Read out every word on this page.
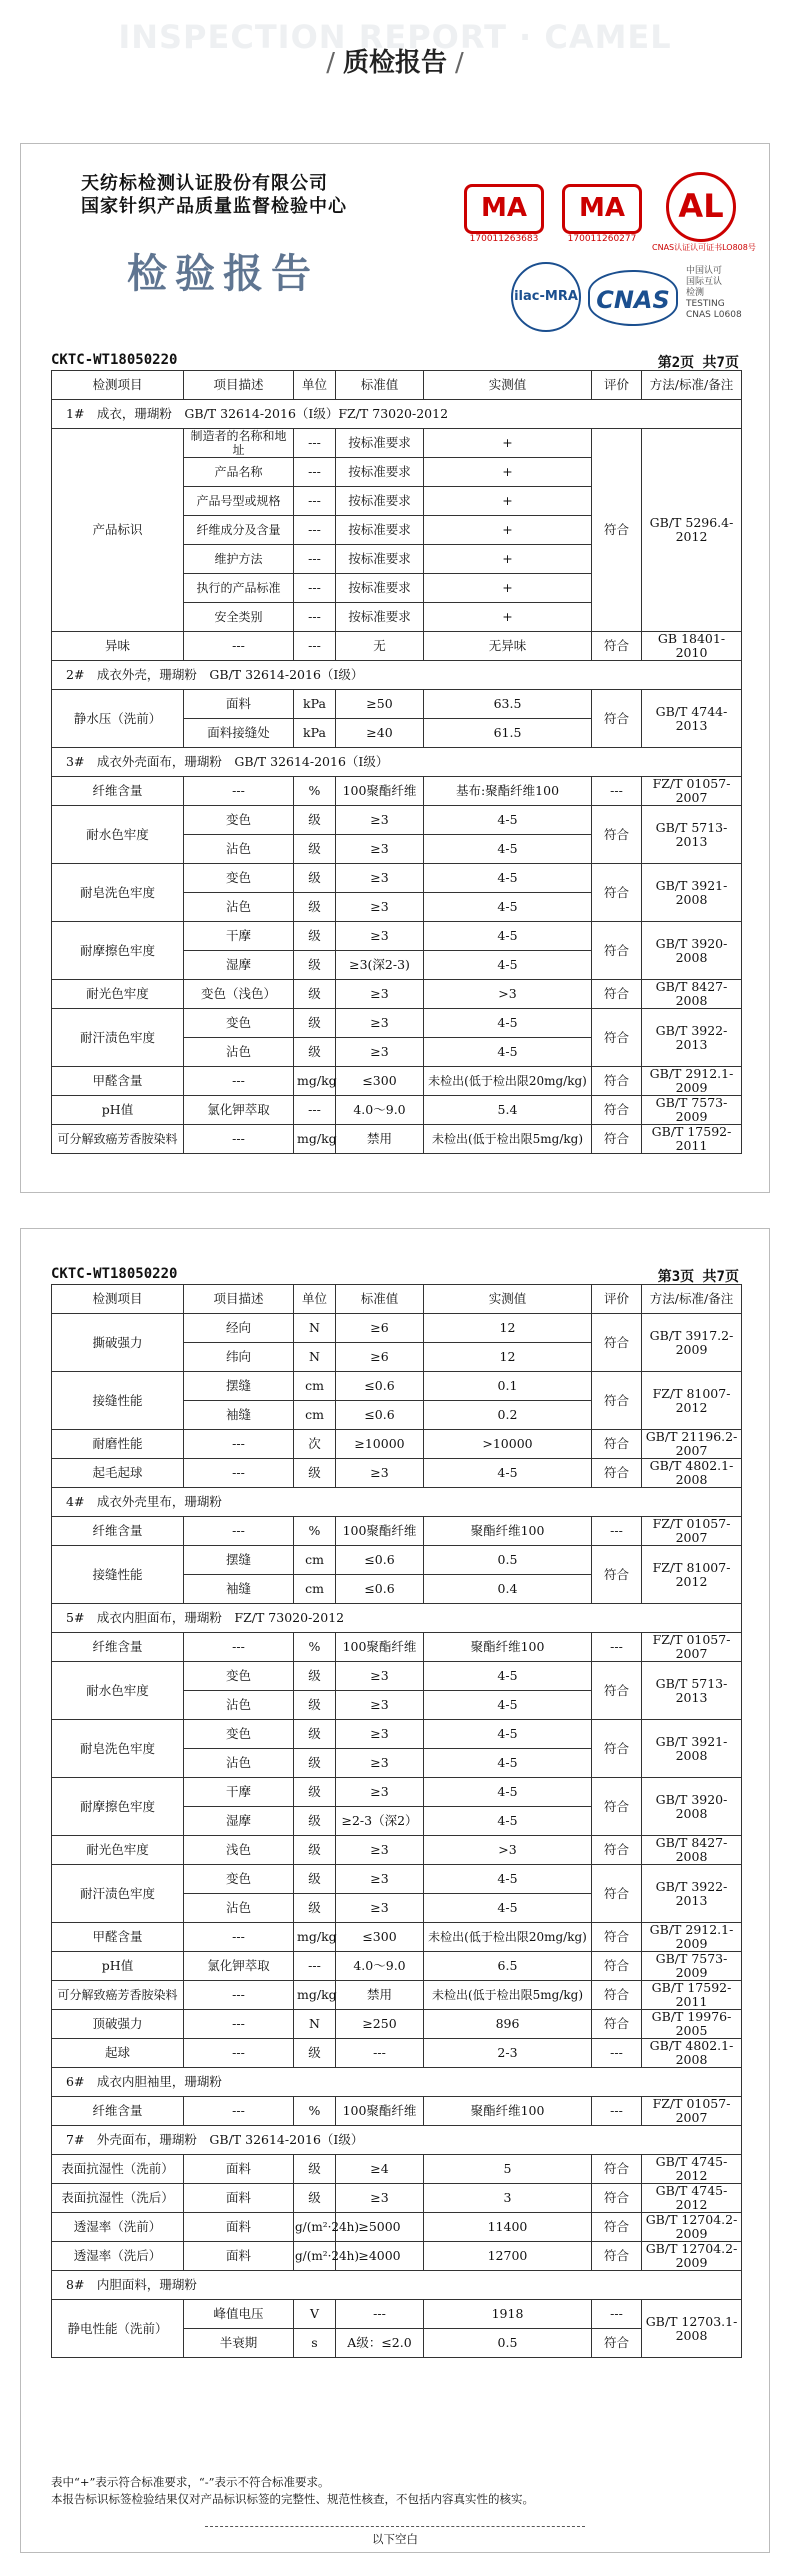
INSPECTION REPORT · CAMEL
/ 质检报告 /
天纺标检测认证股份有限公司
国家针织产品质量监督检验中心
检验报告
MA
170011263683
MA
170011260277
AL
CNAS认证认可证书LO808号
ilac-MRA CNAS
中国认可
国际互认
检测
TESTING
CNAS L0608
CKTC-WT18050220	第2页 共7页
检测项目	项目描述	单位	标准值	实测值	评价	方法/标准/备注
1#　成衣，珊瑚粉　GB/T 32614-2016（Ⅰ级）FZ/T 73020-2012						
产品标识	制造者的名称和地址	---	按标准要求	+	符合	GB/T 5296.4-2012
	产品名称	---	按标准要求	+		
	产品号型或规格	---	按标准要求	+		
	纤维成分及含量	---	按标准要求	+		
	维护方法	---	按标准要求	+		
	执行的产品标准	---	按标准要求	+		
	安全类别	---	按标准要求	+		
异味	---	---	无	无异味	符合	GB 18401-2010
2#　成衣外壳，珊瑚粉　GB/T 32614-2016（Ⅰ级）						
静水压（洗前）	面料	kPa	≥50	63.5	符合	GB/T 4744-2013
	面料接缝处	kPa	≥40	61.5		
3#　成衣外壳面布，珊瑚粉　GB/T 32614-2016（Ⅰ级）						
纤维含量	---	%	100聚酯纤维	基布:聚酯纤维100	---	FZ/T 01057-2007
耐水色牢度	变色	级	≥3	4-5	符合	GB/T 5713-2013
	沾色	级	≥3	4-5		
耐皂洗色牢度	变色	级	≥3	4-5	符合	GB/T 3921-2008
	沾色	级	≥3	4-5		
耐摩擦色牢度	干摩	级	≥3	4-5	符合	GB/T 3920-2008
	湿摩	级	≥3(深2-3)	4-5		
耐光色牢度	变色（浅色）	级	≥3	>3	符合	GB/T 8427-2008
耐汗渍色牢度	变色	级	≥3	4-5	符合	GB/T 3922-2013
	沾色	级	≥3	4-5		
甲醛含量	---	mg/kg	≤300	未检出(低于检出限20mg/kg)	符合	GB/T 2912.1-2009
pH值	氯化钾萃取	---	4.0～9.0	5.4	符合	GB/T 7573-2009
可分解致癌芳香胺染料	---	mg/kg	禁用	未检出(低于检出限5mg/kg)	符合	GB/T 17592-2011
CKTC-WT18050220	第3页 共7页
检测项目	项目描述	单位	标准值	实测值	评价	方法/标准/备注
撕破强力	经向	N	≥6	12	符合	GB/T 3917.2-2009
	纬向	N	≥6	12		
接缝性能	摆缝	cm	≤0.6	0.1	符合	FZ/T 81007-2012
	袖缝	cm	≤0.6	0.2		
耐磨性能	---	次	≥10000	>10000	符合	GB/T 21196.2-2007
起毛起球	---	级	≥3	4-5	符合	GB/T 4802.1-2008
4#　成衣外壳里布，珊瑚粉						
纤维含量	---	%	100聚酯纤维	聚酯纤维100	---	FZ/T 01057-2007
接缝性能	摆缝	cm	≤0.6	0.5	符合	FZ/T 81007-2012
	袖缝	cm	≤0.6	0.4		
5#　成衣内胆面布，珊瑚粉　FZ/T 73020-2012						
纤维含量	---	%	100聚酯纤维	聚酯纤维100	---	FZ/T 01057-2007
耐水色牢度	变色	级	≥3	4-5	符合	GB/T 5713-2013
	沾色	级	≥3	4-5		
耐皂洗色牢度	变色	级	≥3	4-5	符合	GB/T 3921-2008
	沾色	级	≥3	4-5		
耐摩擦色牢度	干摩	级	≥3	4-5	符合	GB/T 3920-2008
	湿摩	级	≥2-3（深2）	4-5		
耐光色牢度	浅色	级	≥3	>3	符合	GB/T 8427-2008
耐汗渍色牢度	变色	级	≥3	4-5	符合	GB/T 3922-2013
	沾色	级	≥3	4-5		
甲醛含量	---	mg/kg	≤300	未检出(低于检出限20mg/kg)	符合	GB/T 2912.1-2009
pH值	氯化钾萃取	---	4.0～9.0	6.5	符合	GB/T 7573-2009
可分解致癌芳香胺染料	---	mg/kg	禁用	未检出(低于检出限5mg/kg)	符合	GB/T 17592-2011
顶破强力	---	N	≥250	896	符合	GB/T 19976-2005
起球	---	级	---	2-3	---	GB/T 4802.1-2008
6#　成衣内胆袖里，珊瑚粉						
纤维含量	---	%	100聚酯纤维	聚酯纤维100	---	FZ/T 01057-2007
7#　外壳面布，珊瑚粉　GB/T 32614-2016（Ⅰ级）						
表面抗湿性（洗前）	面料	级	≥4	5	符合	GB/T 4745-2012
表面抗湿性（洗后）	面料	级	≥3	3	符合	GB/T 4745-2012
透湿率（洗前）	面料	g/(m²·24h)	≥5000	11400	符合	GB/T 12704.2-2009
透湿率（洗后）	面料	g/(m²·24h)	≥4000	12700	符合	GB/T 12704.2-2009
8#　内胆面料，珊瑚粉						
静电性能（洗前）	峰值电压	V	---	1918	---	GB/T 12703.1-2008
	半衰期	s	A级：≤2.0	0.5	符合	
表中“+”表示符合标准要求，“-”表示不符合标准要求。
本报告标识标签检验结果仅对产品标识标签的完整性、规范性核查，不包括内容真实性的核实。
以下空白
